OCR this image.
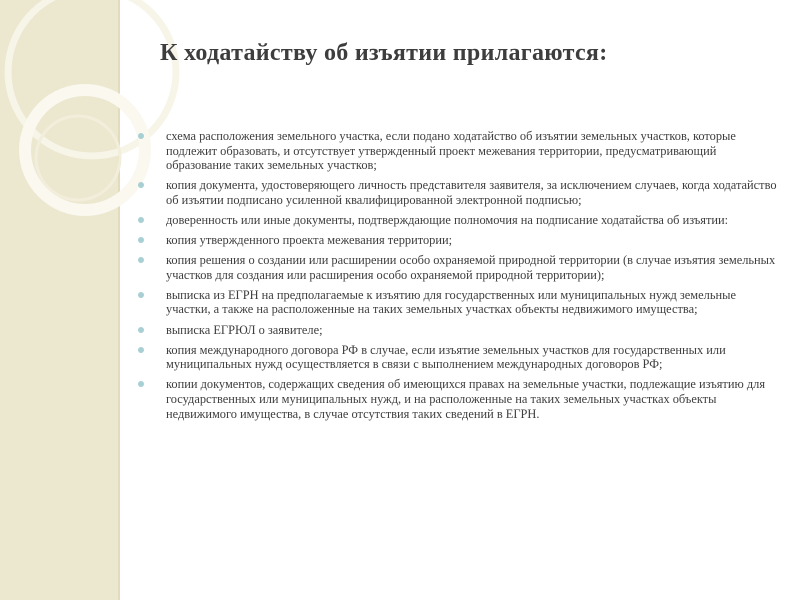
К ходатайству об изъятии прилагаются:
схема расположения земельного участка, если подано ходатайство об изъятии земельных участков, которые подлежит образовать, и отсутствует утвержденный проект межевания территории, предусматривающий образование таких земельных участков;
копия документа, удостоверяющего личность представителя заявителя, за исключением случаев, когда ходатайство об изъятии подписано усиленной квалифицированной электронной подписью;
доверенность или иные документы, подтверждающие полномочия на подписание ходатайства об изъятии:
копия утвержденного проекта межевания территории;
копия решения о создании или расширении особо охраняемой природной территории (в случае изъятия земельных участков для создания или расширения особо охраняемой природной территории);
выписка из ЕГРН на предполагаемые к изъятию для государственных или муниципальных нужд земельные участки, а также на расположенные на таких земельных участках объекты недвижимого имущества;
выписка ЕГРЮЛ о заявителе;
копия международного договора РФ в случае, если изъятие земельных участков для государственных или муниципальных нужд осуществляется в связи с выполнением международных договоров РФ;
копии документов, содержащих сведения об имеющихся правах на земельные участки, подлежащие изъятию для государственных или муниципальных нужд, и на расположенные на таких земельных участках объекты недвижимого имущества, в случае отсутствия таких сведений в ЕГРН.
